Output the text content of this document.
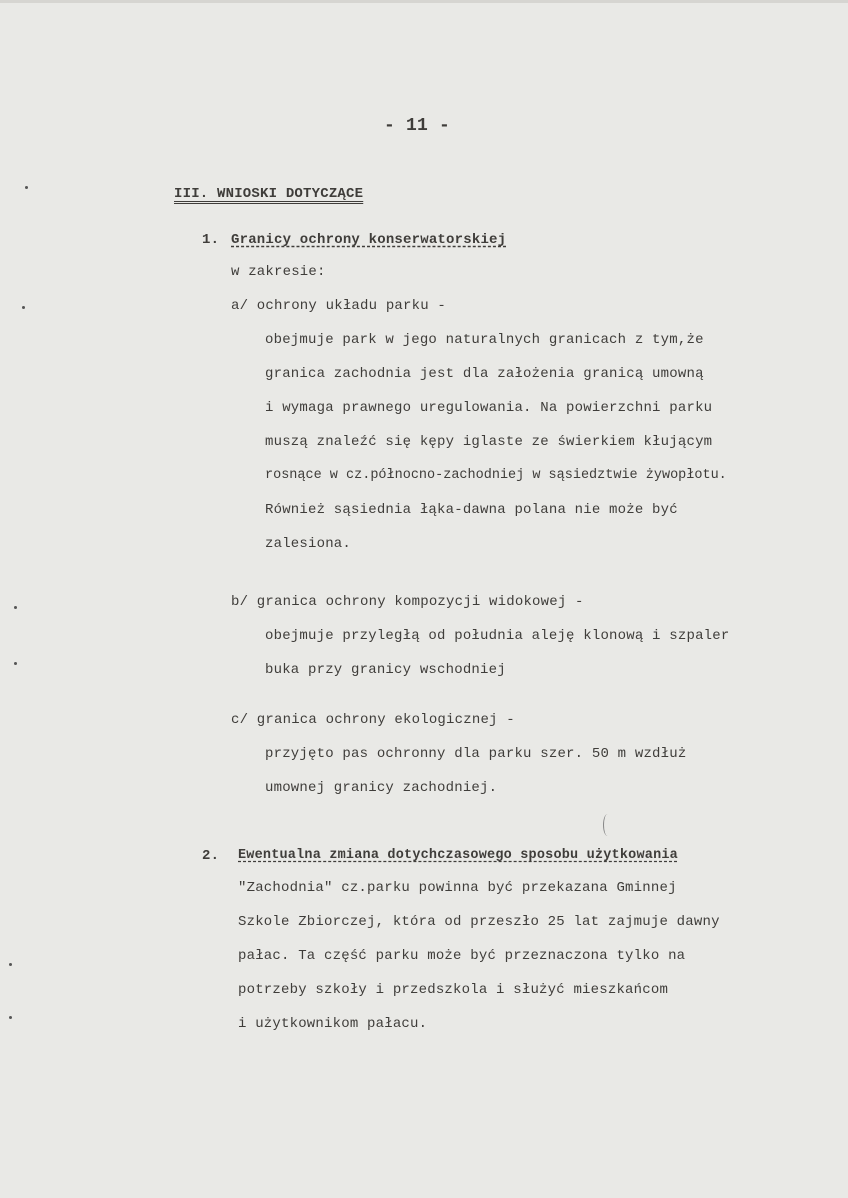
- 11 -
III. WNIOSKI DOTYCZĄCE
1. Granicy ochrony konserwatorskiej
w zakresie:
a/ ochrony układu parku -
obejmuje park w jego naturalnych granicach z tym,że
granica zachodnia jest dla założenia granicą umowną
i wymaga prawnego uregulowania. Na powierzchni parku
muszą znaleźć się kępy iglaste ze świerkiem kłującym
rosnące w cz.północno-zachodniej w sąsiedztwie żywopłotu.
Również sąsiednia łąka-dawna polana nie może być
zalesiona.
b/ granica ochrony kompozycji widokowej -
obejmuje przyległą od południa aleję klonową i szpaler
buka przy granicy wschodniej
c/ granica ochrony ekologicznej -
przyjęto pas ochronny dla parku szer. 50 m wzdłuż
umownej granicy zachodniej.
2. Ewentualna zmiana dotychczasowego sposobu użytkowania
"Zachodnia" cz.parku powinna być przekazana Gminnej
Szkole Zbiorczej, która od przeszło 25 lat zajmuje dawny
pałac. Ta część parku może być przeznaczona tylko na
potrzeby szkoły i przedszkola i służyć mieszkańcom
i użytkownikom pałacu.
